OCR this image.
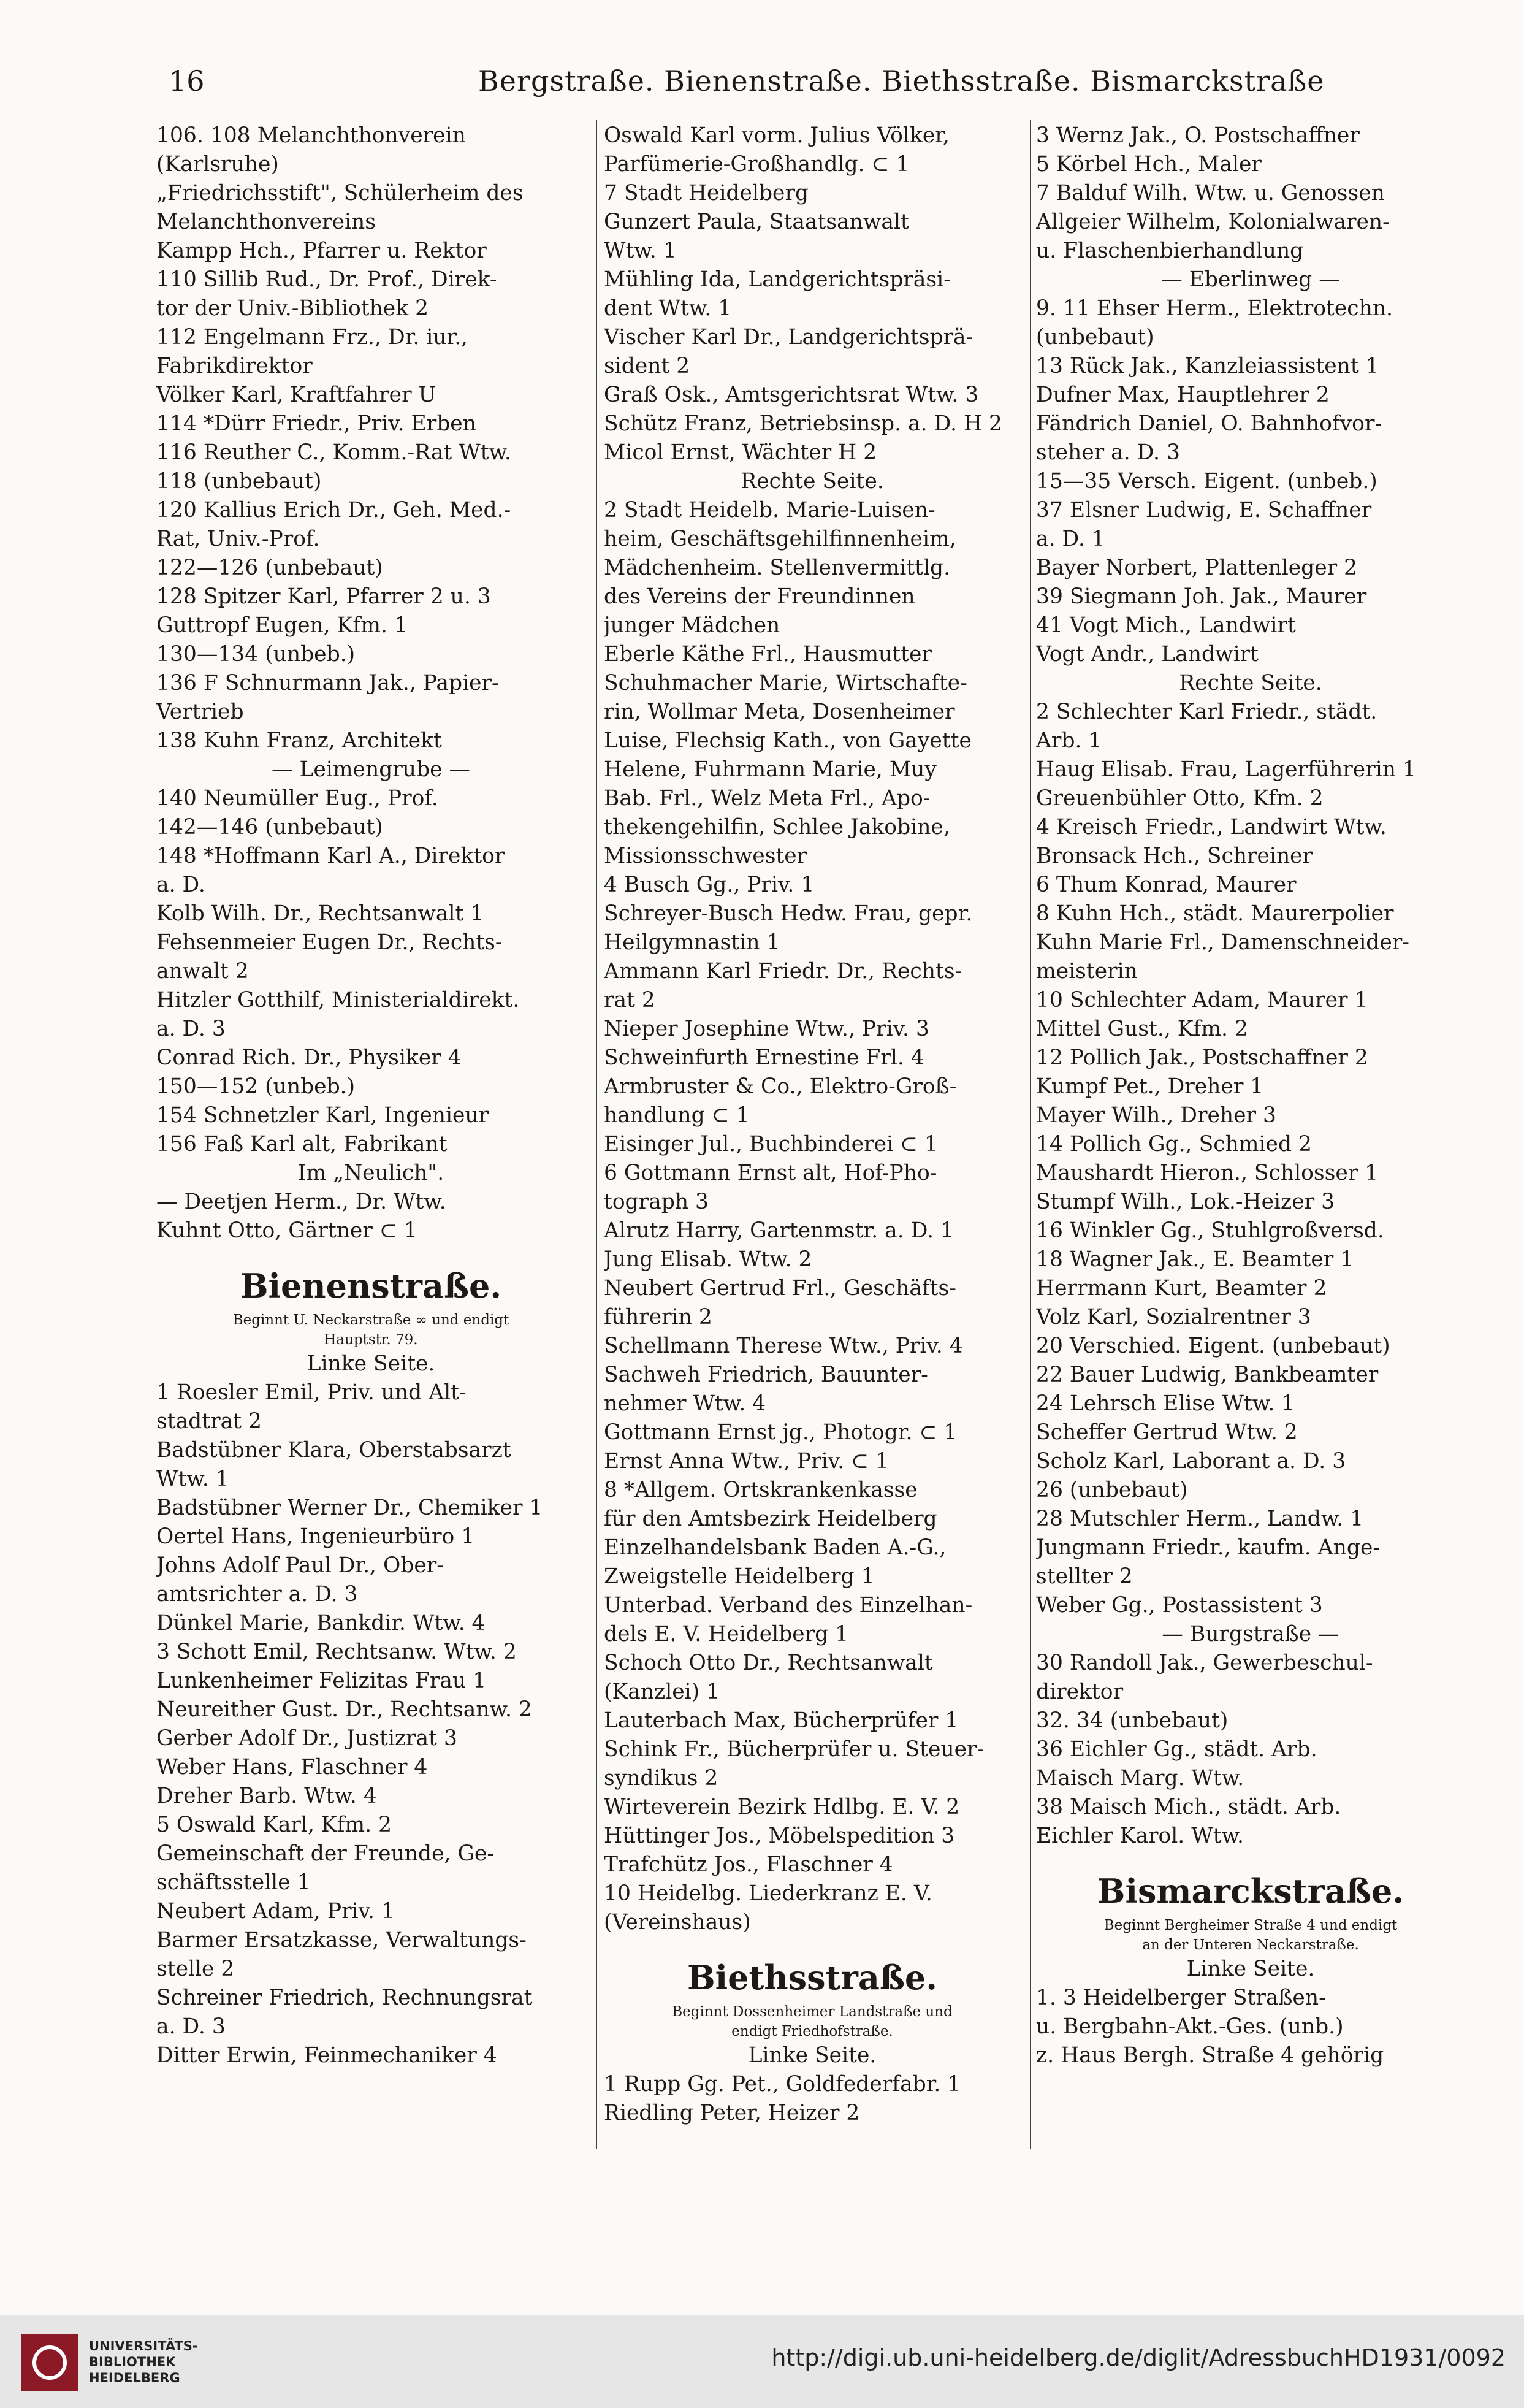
16	Bergstraße. Bienenstraße. Biethsstraße. Bismarckstraße
106. 108 Melanchthonverein
(Karlsruhe)
„Friedrichsstift", Schülerheim des
Melanchthonvereins
Kampp Hch., Pfarrer u. Rektor
110 Sillib Rud., Dr. Prof., Direk-
tor der Univ.-Bibliothek 2
112 Engelmann Frz., Dr. iur.,
Fabrikdirektor
Völker Karl, Kraftfahrer U
114 *Dürr Friedr., Priv. Erben
116 Reuther C., Komm.-Rat Wtw.
118 (unbebaut)
120 Kallius Erich Dr., Geh. Med.-
Rat, Univ.-Prof.
122—126 (unbebaut)
128 Spitzer Karl, Pfarrer 2 u. 3
Guttropf Eugen, Kfm. 1
130—134 (unbeb.)
136 F Schnurmann Jak., Papier-
Vertrieb
138 Kuhn Franz, Architekt
— Leimengrube —
140 Neumüller Eug., Prof.
142—146 (unbebaut)
148 *Hoffmann Karl A., Direktor
a. D.
Kolb Wilh. Dr., Rechtsanwalt 1
Fehsenmeier Eugen Dr., Rechts-
anwalt 2
Hitzler Gotthilf, Ministerialdirekt.
a. D. 3
Conrad Rich. Dr., Physiker 4
150—152 (unbeb.)
154 Schnetzler Karl, Ingenieur
156 Faß Karl alt, Fabrikant
Im „Neulich".
— Deetjen Herm., Dr. Wtw.
Kuhnt Otto, Gärtner ⊂ 1
Bienenstraße.
Beginnt U. Neckarstraße ∞ und endigt
Hauptstr. 79.
Linke Seite.
1 Roesler Emil, Priv. und Alt-
stadtrat 2
Badstübner Klara, Oberstabsarzt
Wtw. 1
Badstübner Werner Dr., Chemiker 1
Oertel Hans, Ingenieurbüro 1
Johns Adolf Paul Dr., Ober-
amtsrichter a. D. 3
Dünkel Marie, Bankdir. Wtw. 4
3 Schott Emil, Rechtsanw. Wtw. 2
Lunkenheimer Felizitas Frau 1
Neureither Gust. Dr., Rechtsanw. 2
Gerber Adolf Dr., Justizrat 3
Weber Hans, Flaschner 4
Dreher Barb. Wtw. 4
5 Oswald Karl, Kfm. 2
Gemeinschaft der Freunde, Ge-
schäftsstelle 1
Neubert Adam, Priv. 1
Barmer Ersatzkasse, Verwaltungs-
stelle 2
Schreiner Friedrich, Rechnungsrat
a. D. 3
Ditter Erwin, Feinmechaniker 4
Oswald Karl vorm. Julius Völker,
Parfümerie-Großhandlg. ⊂ 1
7 Stadt Heidelberg
Gunzert Paula, Staatsanwalt
Wtw. 1
Mühling Ida, Landgerichtspräsi-
dent Wtw. 1
Vischer Karl Dr., Landgerichtsprä-
sident 2
Graß Osk., Amtsgerichtsrat Wtw. 3
Schütz Franz, Betriebsinsp. a. D. H 2
Micol Ernst, Wächter H 2
Rechte Seite.
2 Stadt Heidelb. Marie-Luisen-
heim, Geschäftsgehilfinnenheim,
Mädchenheim. Stellenvermittlg.
des Vereins der Freundinnen
junger Mädchen
Eberle Käthe Frl., Hausmutter
Schuhmacher Marie, Wirtschafte-
rin, Wollmar Meta, Dosenheimer
Luise, Flechsig Kath., von Gayette
Helene, Fuhrmann Marie, Muy
Bab. Frl., Welz Meta Frl., Apo-
thekengehilfin, Schlee Jakobine,
Missionsschwester
4 Busch Gg., Priv. 1
Schreyer-Busch Hedw. Frau, gepr.
Heilgymnastin 1
Ammann Karl Friedr. Dr., Rechts-
rat 2
Nieper Josephine Wtw., Priv. 3
Schweinfurth Ernestine Frl. 4
Armbruster & Co., Elektro-Groß-
handlung ⊂ 1
Eisinger Jul., Buchbinderei ⊂ 1
6 Gottmann Ernst alt, Hof-Pho-
tograph 3
Alrutz Harry, Gartenmstr. a. D. 1
Jung Elisab. Wtw. 2
Neubert Gertrud Frl., Geschäfts-
führerin 2
Schellmann Therese Wtw., Priv. 4
Sachweh Friedrich, Bauunter-
nehmer Wtw. 4
Gottmann Ernst jg., Photogr. ⊂ 1
Ernst Anna Wtw., Priv. ⊂ 1
8 *Allgem. Ortskrankenkasse
für den Amtsbezirk Heidelberg
Einzelhandelsbank Baden A.-G.,
Zweigstelle Heidelberg 1
Unterbad. Verband des Einzelhan-
dels E. V. Heidelberg 1
Schoch Otto Dr., Rechtsanwalt
(Kanzlei) 1
Lauterbach Max, Bücherprüfer 1
Schink Fr., Bücherprüfer u. Steuer-
syndikus 2
Wirteverein Bezirk Hdlbg. E. V. 2
Hüttinger Jos., Möbelspedition 3
Trafchütz Jos., Flaschner 4
10 Heidelbg. Liederkranz E. V.
(Vereinshaus)
Biethsstraße.
Beginnt Dossenheimer Landstraße und
endigt Friedhofstraße.
Linke Seite.
1 Rupp Gg. Pet., Goldfederfabr. 1
Riedling Peter, Heizer 2
3 Wernz Jak., O. Postschaffner
5 Körbel Hch., Maler
7 Balduf Wilh. Wtw. u. Genossen
Allgeier Wilhelm, Kolonialwaren-
u. Flaschenbierhandlung
— Eberlinweg —
9. 11 Ehser Herm., Elektrotechn.
(unbebaut)
13 Rück Jak., Kanzleiassistent 1
Dufner Max, Hauptlehrer 2
Fändrich Daniel, O. Bahnhofvor-
steher a. D. 3
15—35 Versch. Eigent. (unbeb.)
37 Elsner Ludwig, E. Schaffner
a. D. 1
Bayer Norbert, Plattenleger 2
39 Siegmann Joh. Jak., Maurer
41 Vogt Mich., Landwirt
Vogt Andr., Landwirt
Rechte Seite.
2 Schlechter Karl Friedr., städt.
Arb. 1
Haug Elisab. Frau, Lagerführerin 1
Greuenbühler Otto, Kfm. 2
4 Kreisch Friedr., Landwirt Wtw.
Bronsack Hch., Schreiner
6 Thum Konrad, Maurer
8 Kuhn Hch., städt. Maurerpolier
Kuhn Marie Frl., Damenschneider-
meisterin
10 Schlechter Adam, Maurer 1
Mittel Gust., Kfm. 2
12 Pollich Jak., Postschaffner 2
Kumpf Pet., Dreher 1
Mayer Wilh., Dreher 3
14 Pollich Gg., Schmied 2
Maushardt Hieron., Schlosser 1
Stumpf Wilh., Lok.-Heizer 3
16 Winkler Gg., Stuhlgroßversd.
18 Wagner Jak., E. Beamter 1
Herrmann Kurt, Beamter 2
Volz Karl, Sozialrentner 3
20 Verschied. Eigent. (unbebaut)
22 Bauer Ludwig, Bankbeamter
24 Lehrsch Elise Wtw. 1
Scheffer Gertrud Wtw. 2
Scholz Karl, Laborant a. D. 3
26 (unbebaut)
28 Mutschler Herm., Landw. 1
Jungmann Friedr., kaufm. Ange-
stellter 2
Weber Gg., Postassistent 3
— Burgstraße —
30 Randoll Jak., Gewerbeschul-
direktor
32. 34 (unbebaut)
36 Eichler Gg., städt. Arb.
Maisch Marg. Wtw.
38 Maisch Mich., städt. Arb.
Eichler Karol. Wtw.
Bismarckstraße.
Beginnt Bergheimer Straße 4 und endigt
an der Unteren Neckarstraße.
Linke Seite.
1. 3 Heidelberger Straßen-
u. Bergbahn-Akt.-Ges. (unb.)
z. Haus Bergh. Straße 4 gehörig
UNIVERSITÄTS-
BIBLIOTHEK
HEIDELBERG
http://digi.ub.uni-heidelberg.de/diglit/AdressbuchHD1931/0092
